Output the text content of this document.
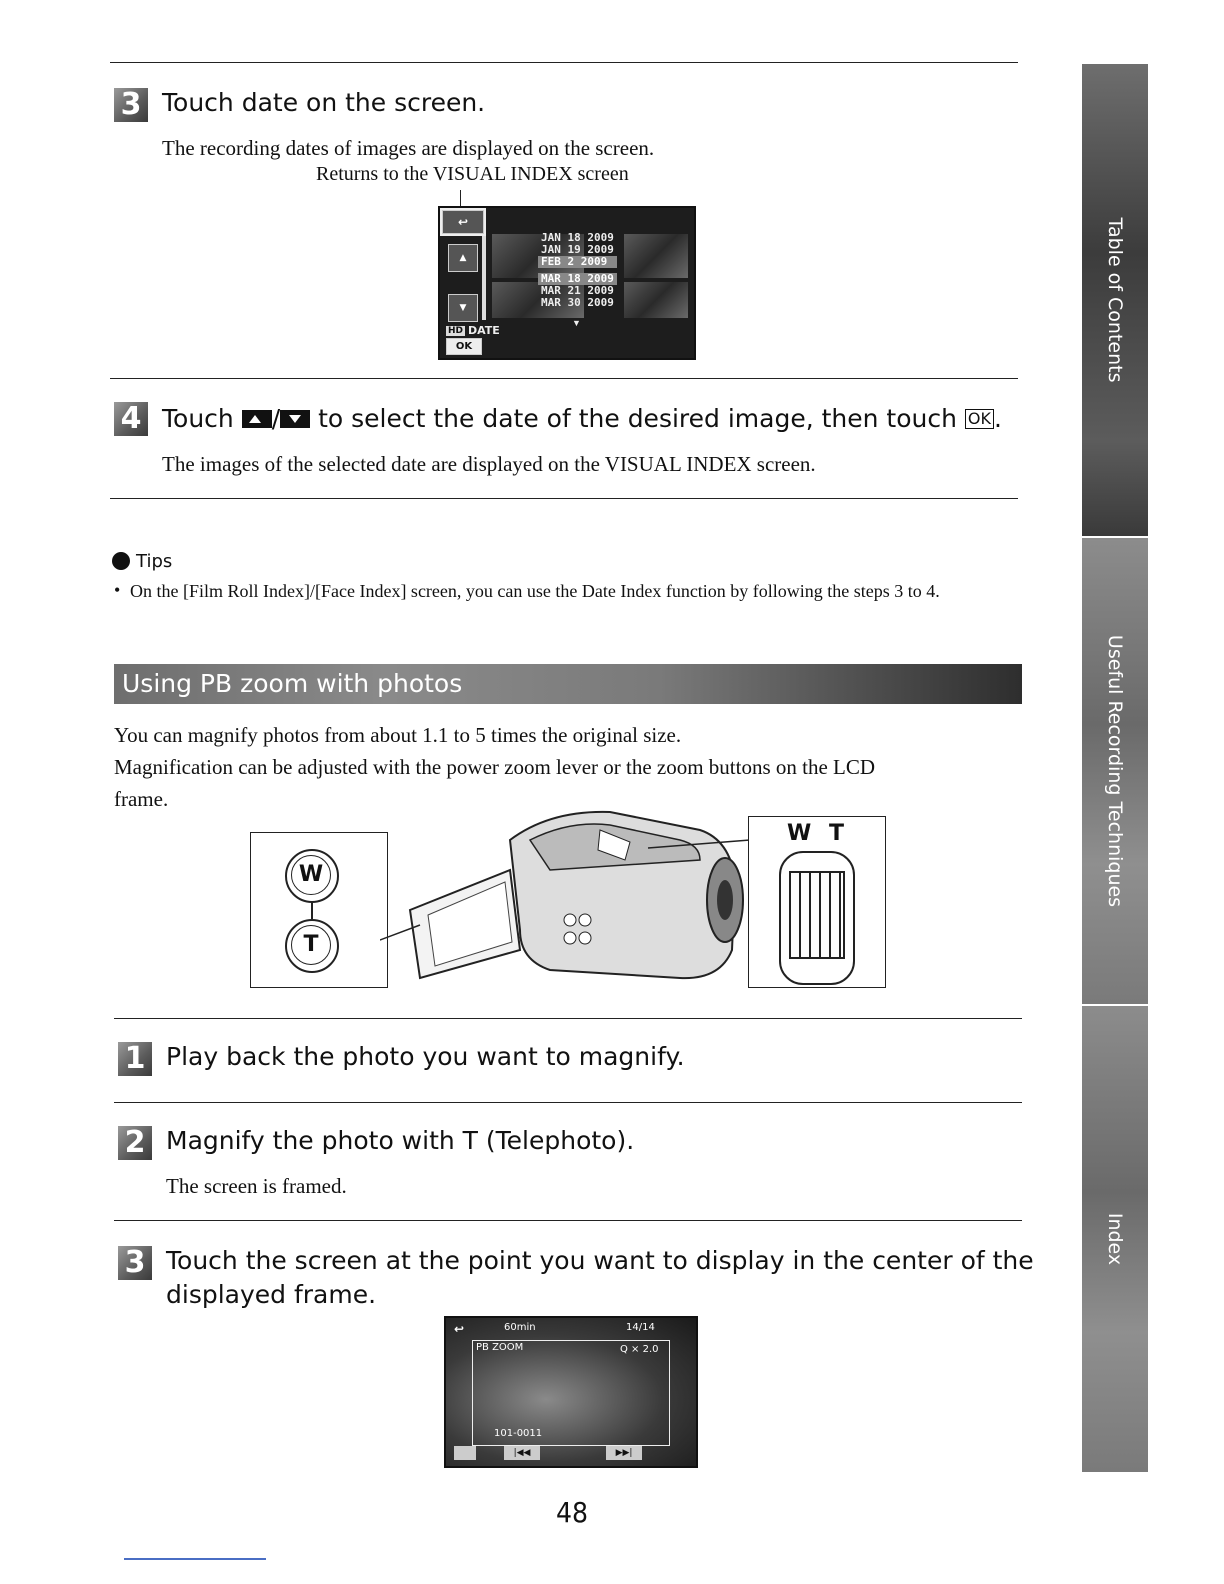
3 Touch date on the screen.
The recording dates of images are displayed on the screen.
Returns to the VISUAL INDEX screen
↩
▲
▼
JAN 18 2009
JAN 19 2009
FEB 2 2009
MAR 18 2009
MAR 21 2009
MAR 30 2009
▼
HD DATE
OK
4 Touch / to select the date of the desired image, then touch OK .
The images of the selected date are displayed on the VISUAL INDEX screen.
Tips
• On the [Film Roll Index]/[Face Index] screen, you can use the Date Index function by following the steps 3 to 4.
Using PB zoom with photos
You can magnify photos from about 1.1 to 5 times the original size.
Magnification can be adjusted with the power zoom lever or the zoom buttons on the LCD
frame.
W
T
W T
1 Play back the photo you want to magnify.
2 Magnify the photo with T (Telephoto).
The screen is framed.
3 Touch the screen at the point you want to display in the center of the
displayed frame.
↩	60min	14/14
PB ZOOM	Q × 2.0
101-0011
|◀◀	▶▶|
48
Table of Contents
Useful Recording Techniques
Index
